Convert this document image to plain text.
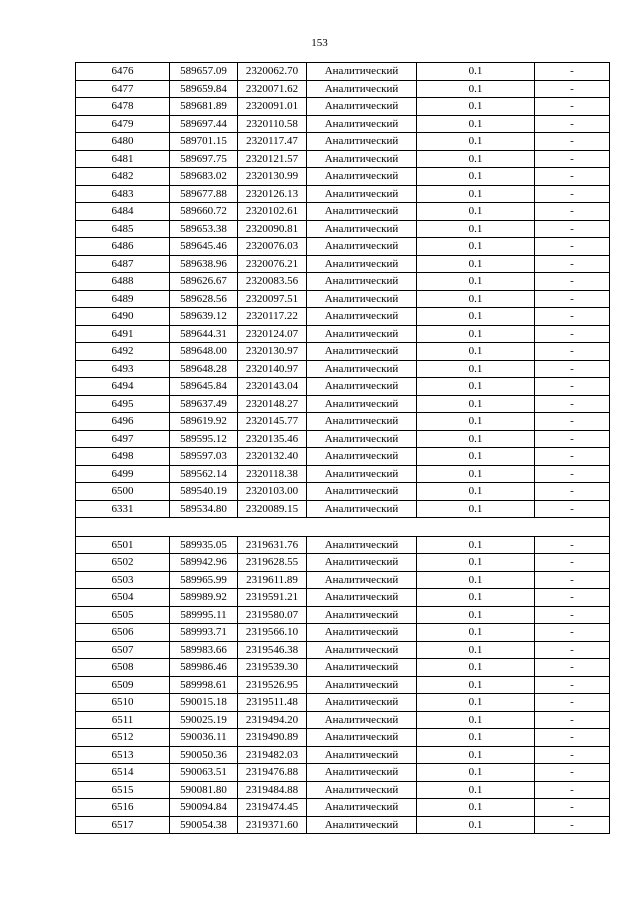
153
6476	589657.09	2320062.70	Аналитический	0.1	-
6477	589659.84	2320071.62	Аналитический	0.1	-
6478	589681.89	2320091.01	Аналитический	0.1	-
6479	589697.44	2320110.58	Аналитический	0.1	-
6480	589701.15	2320117.47	Аналитический	0.1	-
6481	589697.75	2320121.57	Аналитический	0.1	-
6482	589683.02	2320130.99	Аналитический	0.1	-
6483	589677.88	2320126.13	Аналитический	0.1	-
6484	589660.72	2320102.61	Аналитический	0.1	-
6485	589653.38	2320090.81	Аналитический	0.1	-
6486	589645.46	2320076.03	Аналитический	0.1	-
6487	589638.96	2320076.21	Аналитический	0.1	-
6488	589626.67	2320083.56	Аналитический	0.1	-
6489	589628.56	2320097.51	Аналитический	0.1	-
6490	589639.12	2320117.22	Аналитический	0.1	-
6491	589644.31	2320124.07	Аналитический	0.1	-
6492	589648.00	2320130.97	Аналитический	0.1	-
6493	589648.28	2320140.97	Аналитический	0.1	-
6494	589645.84	2320143.04	Аналитический	0.1	-
6495	589637.49	2320148.27	Аналитический	0.1	-
6496	589619.92	2320145.77	Аналитический	0.1	-
6497	589595.12	2320135.46	Аналитический	0.1	-
6498	589597.03	2320132.40	Аналитический	0.1	-
6499	589562.14	2320118.38	Аналитический	0.1	-
6500	589540.19	2320103.00	Аналитический	0.1	-
6331	589534.80	2320089.15	Аналитический	0.1	-

6501	589935.05	2319631.76	Аналитический	0.1	-
6502	589942.96	2319628.55	Аналитический	0.1	-
6503	589965.99	2319611.89	Аналитический	0.1	-
6504	589989.92	2319591.21	Аналитический	0.1	-
6505	589995.11	2319580.07	Аналитический	0.1	-
6506	589993.71	2319566.10	Аналитический	0.1	-
6507	589983.66	2319546.38	Аналитический	0.1	-
6508	589986.46	2319539.30	Аналитический	0.1	-
6509	589998.61	2319526.95	Аналитический	0.1	-
6510	590015.18	2319511.48	Аналитический	0.1	-
6511	590025.19	2319494.20	Аналитический	0.1	-
6512	590036.11	2319490.89	Аналитический	0.1	-
6513	590050.36	2319482.03	Аналитический	0.1	-
6514	590063.51	2319476.88	Аналитический	0.1	-
6515	590081.80	2319484.88	Аналитический	0.1	-
6516	590094.84	2319474.45	Аналитический	0.1	-
6517	590054.38	2319371.60	Аналитический	0.1	-
